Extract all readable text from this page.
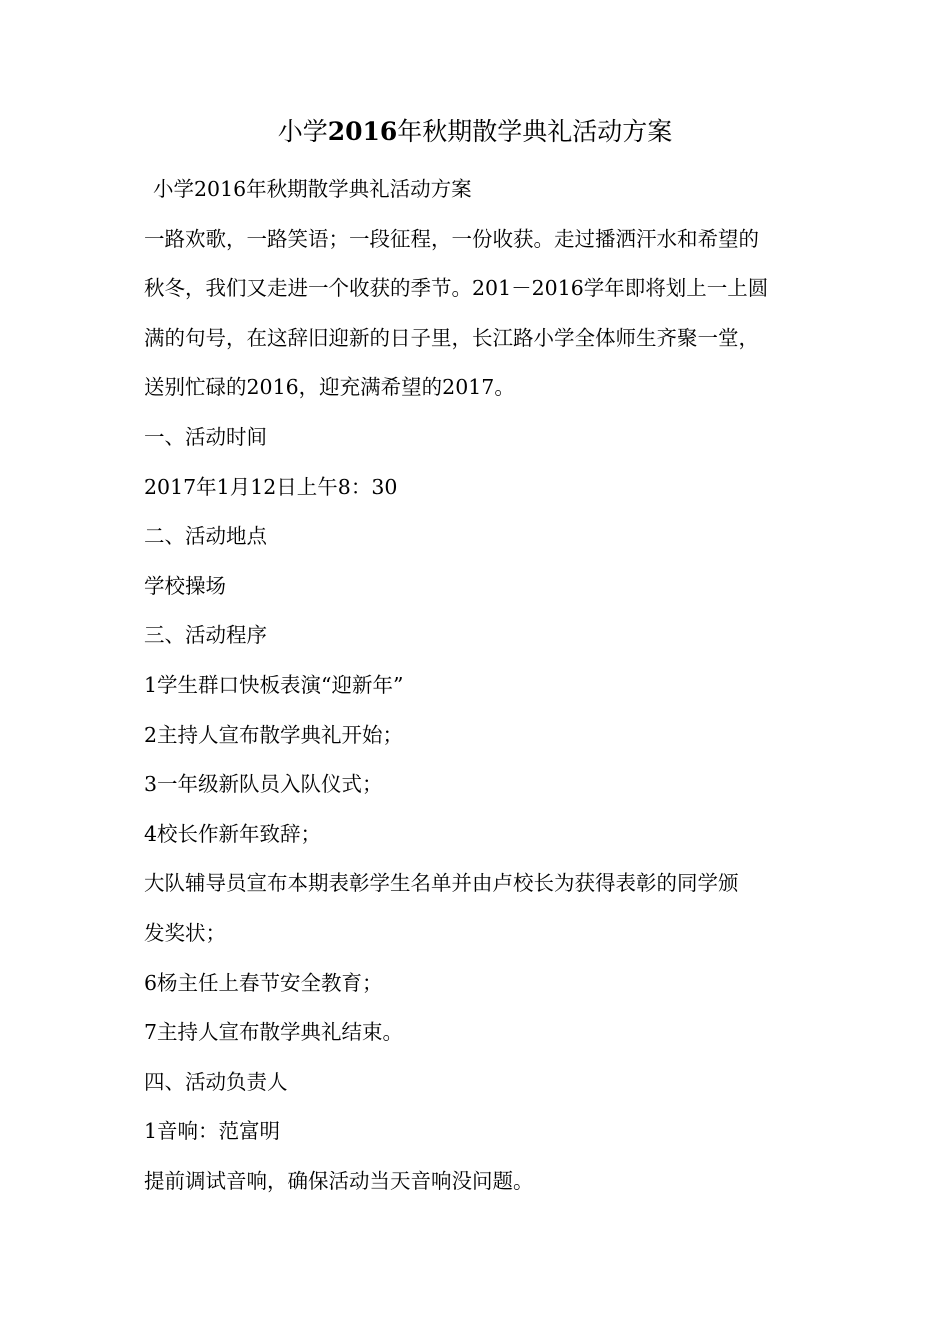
小学2016年秋期散学典礼活动方案
小学2016年秋期散学典礼活动方案
一路欢歌，一路笑语；一段征程，一份收获。走过播洒汗水和希望的
秋冬，我们又走进一个收获的季节。201－2016学年即将划上一上圆
满的句号，在这辞旧迎新的日子里，长江路小学全体师生齐聚一堂，
送别忙碌的2016，迎充满希望的2017。
一、活动时间
2017年1月12日上午8：30
二、活动地点
学校操场
三、活动程序
1学生群口快板表演“迎新年”
2主持人宣布散学典礼开始；
3一年级新队员入队仪式；
4校长作新年致辞；
大队辅导员宣布本期表彰学生名单并由卢校长为获得表彰的同学颁
发奖状；
6杨主任上春节安全教育；
7主持人宣布散学典礼结束。
四、活动负责人
1音响：范富明
提前调试音响，确保活动当天音响没问题。
